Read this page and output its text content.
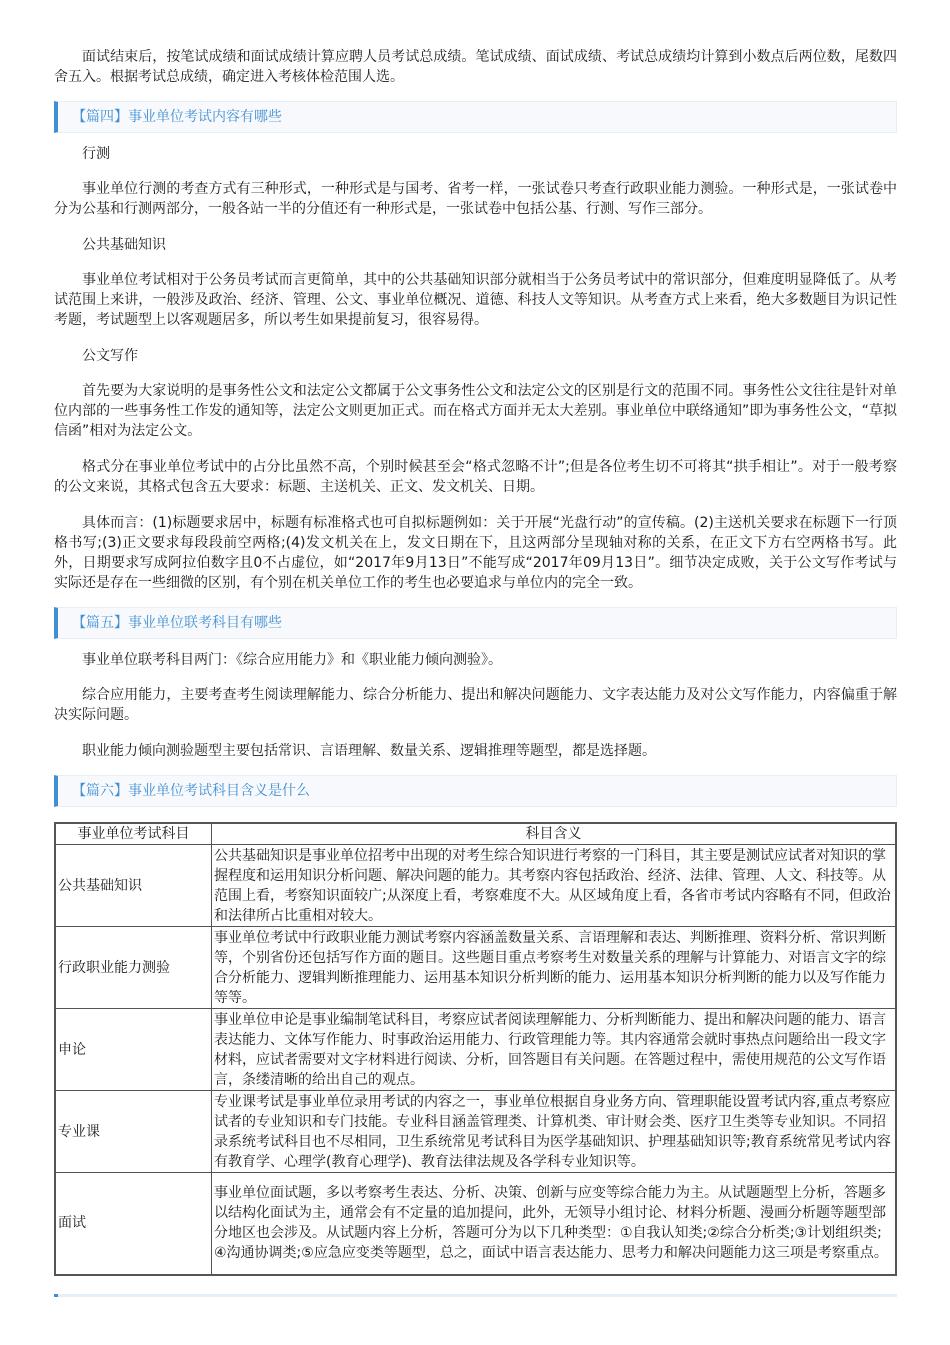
面试结束后，按笔试成绩和面试成绩计算应聘人员考试总成绩。笔试成绩、面试成绩、考试总成绩均计算到小数点后两位数，尾数四舍五入。根据考试总成绩，确定进入考核体检范围人选。

【篇四】事业单位考试内容有哪些

行测

事业单位行测的考查方式有三种形式，一种形式是与国考、省考一样，一张试卷只考查行政职业能力测验。一种形式是，一张试卷中分为公基和行测两部分，一般各站一半的分值还有一种形式是，一张试卷中包括公基、行测、写作三部分。

公共基础知识

事业单位考试相对于公务员考试而言更简单，其中的公共基础知识部分就相当于公务员考试中的常识部分，但难度明显降低了。从考试范围上来讲，一般涉及政治、经济、管理、公文、事业单位概况、道德、科技人文等知识。从考查方式上来看，绝大多数题目为识记性考题，考试题型上以客观题居多，所以考生如果提前复习，很容易得。

公文写作

首先要为大家说明的是事务性公文和法定公文都属于公文事务性公文和法定公文的区别是行文的范围不同。事务性公文往往是针对单位内部的一些事务性工作发的通知等，法定公文则更加正式。而在格式方面并无太大差别。事业单位中联络通知”即为事务性公文，“草拟信函”相对为法定公文。

格式分在事业单位考试中的占分比虽然不高，个别时候甚至会“格式忽略不计”;但是各位考生切不可将其“拱手相让”。对于一般考察的公文来说，其格式包含五大要求：标题、主送机关、正文、发文机关、日期。

具体而言：(1)标题要求居中，标题有标准格式也可自拟标题例如：关于开展“光盘行动”的宣传稿。(2)主送机关要求在标题下一行顶格书写;(3)正文要求每段段前空两格;(4)发文机关在上，发文日期在下，且这两部分呈现轴对称的关系，在正文下方右空两格书写。此外，日期要求写成阿拉伯数字且0不占虚位，如“2017年9月13日”不能写成“2017年09月13日”。细节决定成败，关于公文写作考试与实际还是存在一些细微的区别，有个别在机关单位工作的考生也必要追求与单位内的完全一致。

【篇五】事业单位联考科目有哪些

事业单位联考科目两门：《综合应用能力》和《职业能力倾向测验》。

综合应用能力，主要考查考生阅读理解能力、综合分析能力、提出和解决问题能力、文字表达能力及对公文写作能力，内容偏重于解决实际问题。

职业能力倾向测验题型主要包括常识、言语理解、数量关系、逻辑推理等题型，都是选择题。

【篇六】事业单位考试科目含义是什么
事业单位考试科目	科目含义
公共基础知识	公共基础知识是事业单位招考中出现的对考生综合知识进行考察的一门科目，其主要是测试应试者对知识的掌握程度和运用知识分析问题、解决问题的能力。其考察内容包括政治、经济、法律、管理、人文、科技等。从范围上看，考察知识面较广;从深度上看，考察难度不大。从区域角度上看，各省市考试内容略有不同，但政治和法律所占比重相对较大。
行政职业能力测验	事业单位考试中行政职业能力测试考察内容涵盖数量关系、言语理解和表达、判断推理、资料分析、常识判断等，个别省份还包括写作方面的题目。这些题目重点考察考生对数量关系的理解与计算能力、对语言文字的综合分析能力、逻辑判断推理能力、运用基本知识分析判断的能力、运用基本知识分析判断的能力以及写作能力等等。
申论	事业单位申论是事业编制笔试科目，考察应试者阅读理解能力、分析判断能力、提出和解决问题的能力、语言表达能力、文体写作能力、时事政治运用能力、行政管理能力等。其内容通常会就时事热点问题给出一段文字材料，应试者需要对文字材料进行阅读、分析，回答题目有关问题。在答题过程中，需使用规范的公文写作语言，条缕清晰的给出自己的观点。
专业课	专业课考试是事业单位录用考试的内容之一，事业单位根据自身业务方向、管理职能设置考试内容,重点考察应试者的专业知识和专门技能。专业科目涵盖管理类、计算机类、审计财会类、医疗卫生类等专业知识。不同招录系统考试科目也不尽相同，卫生系统常见考试科目为医学基础知识、护理基础知识等;教育系统常见考试内容有教育学、心理学(教育心理学)、教育法律法规及各学科专业知识等。
面试	事业单位面试题，多以考察考生表达、分析、决策、创新与应变等综合能力为主。从试题题型上分析，答题多以结构化面试为主，通常会有不定量的追加提问，此外，无领导小组讨论、材料分析题、漫画分析题等题型部分地区也会涉及。从试题内容上分析，答题可分为以下几种类型：①自我认知类;②综合分析类;③计划组织类;④沟通协调类;⑤应急应变类等题型，总之，面试中语言表达能力、思考力和解决问题能力这三项是考察重点。
